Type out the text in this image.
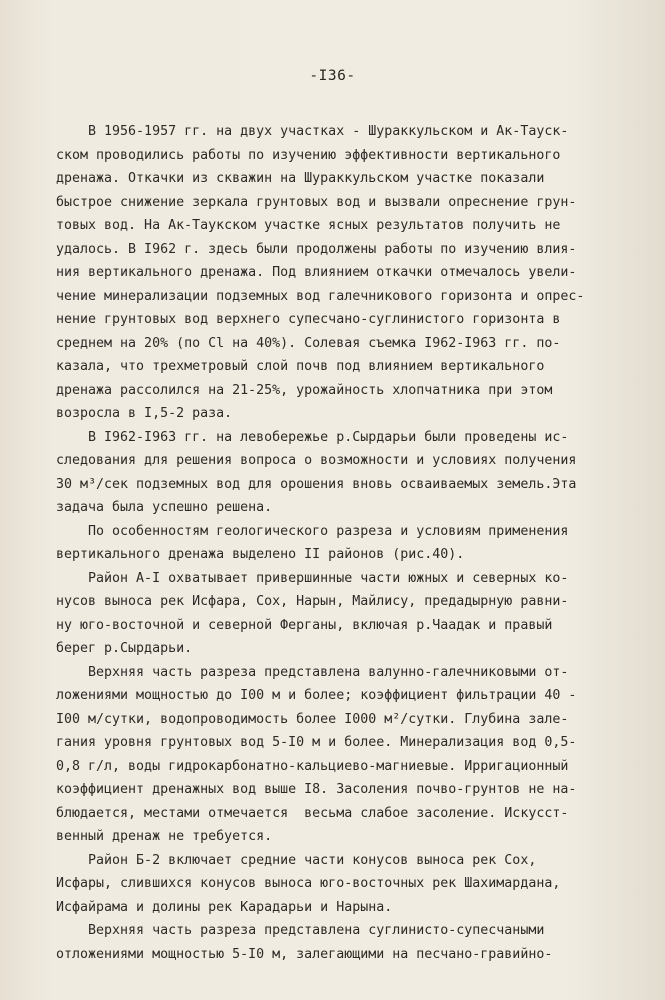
-I36-
В 1956-1957 гг. на двух участках - Шураккульском и Ак-Тауск-
ском проводились работы по изучению эффективности вертикального
дренажа. Откачки из скважин на Шураккульском участке показали
быстрое снижение зеркала грунтовых вод и вызвали опреснение грун-
товых вод. На Ак-Таукском участке ясных результатов получить не
удалось. В I962 г. здесь были продолжены работы по изучению влия-
ния вертикального дренажа. Под влиянием откачки отмечалось увели-
чение минерализации подземных вод галечникового горизонта и опрес-
нение грунтовых вод верхнего супесчано-суглинистого горизонта в
среднем на 20% (по Cl на 40%). Солевая съемка I962-I963 гг. по-
казала, что трехметровый слой почв под влиянием вертикального
дренажа рассолился на 21-25%, урожайность хлопчатника при этом
возросла в I,5-2 раза.
В I962-I963 гг. на левобережье р.Сырдарьи были проведены ис-
следования для решения вопроса о возможности и условиях получения
30 м³/сек подземных вод для орошения вновь осваиваемых земель.Эта
задача была успешно решена.
По особенностям геологического разреза и условиям применения
вертикального дренажа выделено II районов (рис.40).
Район А-I охватывает привершинные части южных и северных ко-
нусов выноса рек Исфара, Сох, Нарын, Майлису, предадырную равни-
ну юго-восточной и северной Ферганы, включая р.Чаадак и правый
берег р.Сырдарьи.
Верхняя часть разреза представлена валунно-галечниковыми от-
ложениями мощностью до I00 м и более; коэффициент фильтрации 40 -
I00 м/сутки, водопроводимость более I000 м²/сутки. Глубина зале-
гания уровня грунтовых вод 5-I0 м и более. Минерализация вод 0,5-
0,8 г/л, воды гидрокарбонатно-кальциево-магниевые. Ирригационный
коэффициент дренажных вод выше I8. Засоления почво-грунтов не на-
блюдается, местами отмечается  весьма слабое засоление. Искусст-
венный дренаж не требуется.
Район Б-2 включает средние части конусов выноса рек Сох,
Исфары, слившихся конусов выноса юго-восточных рек Шахимардана,
Исфайрама и долины рек Карадарьи и Нарына.
Верхняя часть разреза представлена суглинисто-супесчаными
отложениями мощностью 5-I0 м, залегающими на песчано-гравийно-
